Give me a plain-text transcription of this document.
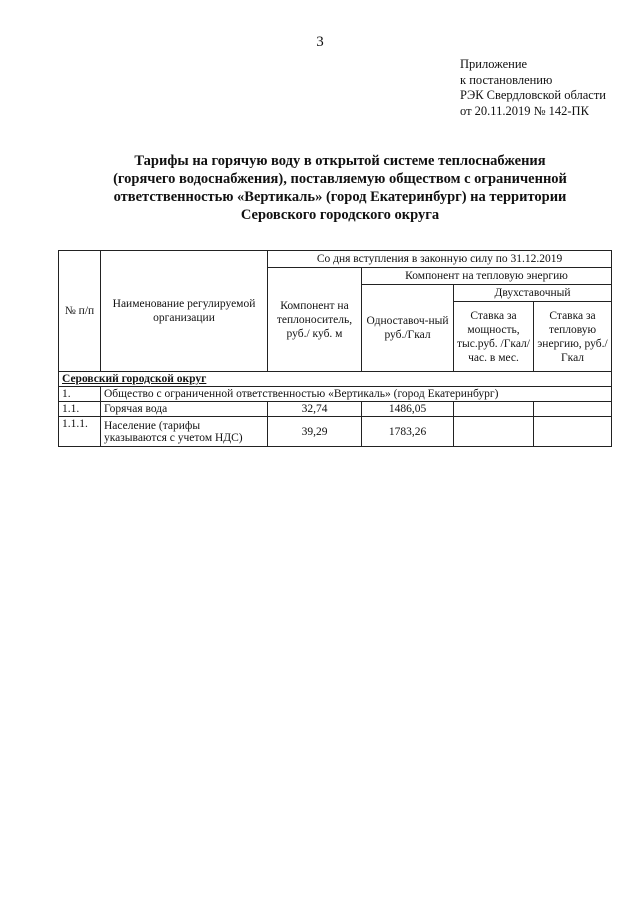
3
Приложение
к постановлению
РЭК Свердловской области
от 20.11.2019 № 142-ПК
Тарифы на горячую воду в открытой системе теплоснабжения
(горячего водоснабжения), поставляемую обществом с ограниченной
ответственностью «Вертикаль» (город Екатеринбург) на территории
Серовского городского округа
№ п/п	Наименование регулируемой организации	Со дня вступления в законную силу по 31.12.2019			
		Компонент на теплоноситель, руб./ куб. м	Компонент на тепловую энергию		
			Одноставоч-ный руб./Гкал	Двухставочный	
				Ставка за мощность, тыс.руб. /Гкал/час. в мес.	Ставка за тепловую энергию, руб./Гкал
Серовский городской округ					
1.	Общество с ограниченной ответственностью «Вертикаль» (город Екатеринбург)				
1.1.	Горячая вода	32,74	1486,05		
1.1.1.	Население (тарифы указываются с учетом НДС)	39,29	1783,26		
